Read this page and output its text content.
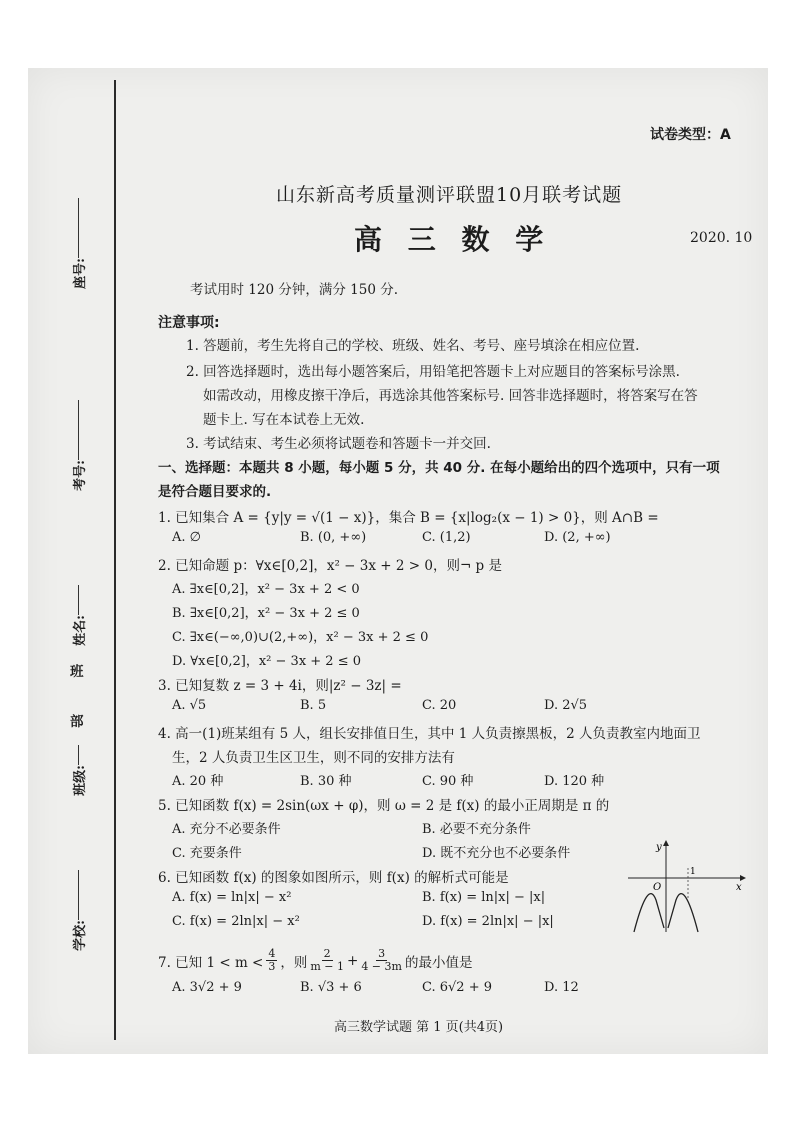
座号:
考号:
姓名:
班
部
班级:
学校:
试卷类型：A
山东新高考质量测评联盟10月联考试题
高 三 数 学	2020. 10
考试用时 120 分钟，满分 150 分.
注意事项:
1. 答题前，考生先将自己的学校、班级、姓名、考号、座号填涂在相应位置.
2. 回答选择题时，选出每小题答案后，用铅笔把答题卡上对应题目的答案标号涂黑.
如需改动，用橡皮擦干净后，再选涂其他答案标号. 回答非选择题时，将答案写在答
题卡上. 写在本试卷上无效.
3. 考试结束、考生必须将试题卷和答题卡一并交回.
一、选择题：本题共 8 小题，每小题 5 分，共 40 分. 在每小题给出的四个选项中，只有一项
是符合题目要求的.
1. 已知集合 A = {y|y = √(1 − x)}，集合 B = {x|log₂(x − 1) > 0}，则 A∩B =
A. ∅	B. (0, +∞)	C. (1,2)	D. (2, +∞)
2. 已知命题 p：∀x∈[0,2]，x² − 3x + 2 > 0，则¬ p 是
A. ∃x∈[0,2]，x² − 3x + 2 < 0
B. ∃x∈[0,2]，x² − 3x + 2 ≤ 0
C. ∃x∈(−∞,0)∪(2,+∞)，x² − 3x + 2 ≤ 0
D. ∀x∈[0,2]，x² − 3x + 2 ≤ 0
3. 已知复数 z = 3 + 4i，则|z² − 3z| =
A. √5	B. 5	C. 20	D. 2√5
4. 高一(1)班某组有 5 人，组长安排值日生，其中 1 人负责擦黑板，2 人负责教室内地面卫
生，2 人负责卫生区卫生，则不同的安排方法有
A. 20 种	B. 30 种	C. 90 种	D. 120 种
5. 已知函数 f(x) = 2sin(ωx + φ)，则 ω = 2 是 f(x) 的最小正周期是 π 的
A. 充分不必要条件	B. 必要不充分条件
C. 充要条件	D. 既不充分也不必要条件
6. 已知函数 f(x) 的图象如图所示，则 f(x) 的解析式可能是
A. f(x) = ln|x| − x²	B. f(x) = ln|x| − |x|
C. f(x) = 2ln|x| − x²	D. f(x) = 2ln|x| − |x|
y
x
O
1
7. 已知 $1 < m < \frac{4}{3}$ ，则 $\frac{2}{m - 1} + \frac{3}{4 - 3m}$ 的最小值是
A. 3√2 + 9	B. √3 + 6	C. 6√2 + 9	D. 12
高三数学试题 第 1 页(共4页)
